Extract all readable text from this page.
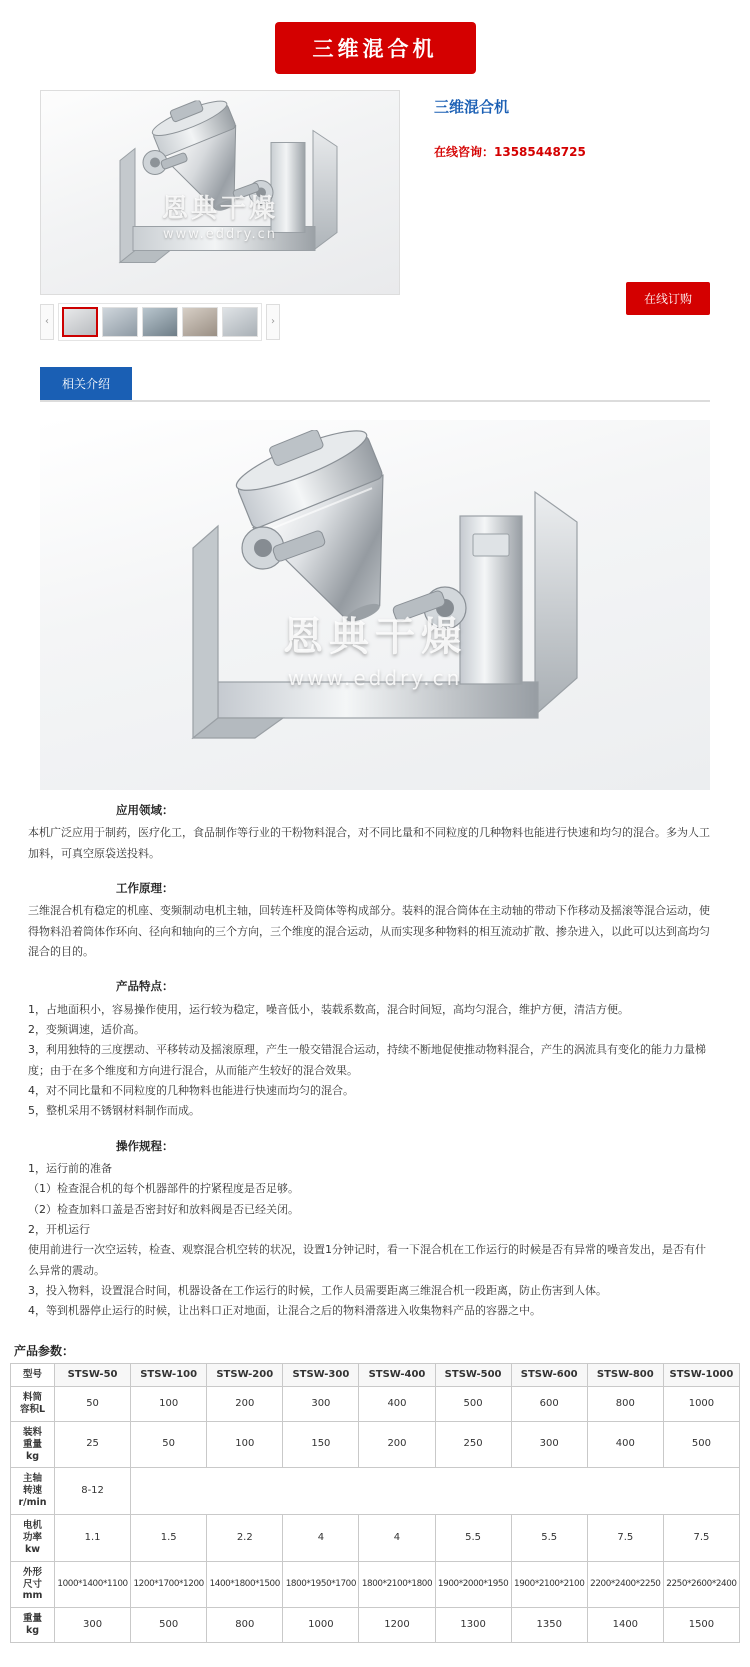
三维混合机
恩典干燥
www.eddry.cn
‹	›
三维混合机
在线咨询：13585448725
在线订购
相关介绍
恩典干燥
www.eddry.cn
应用领域：

本机广泛应用于制药，医疗化工，食品制作等行业的干粉物料混合，对不同比量和不同粒度的几种物料也能进行快速和均匀的混合。多为人工

加料，可真空原袋送投料。

工作原理：

三维混合机有稳定的机座、变频制动电机主轴，回转连杆及筒体等构成部分。装料的混合筒体在主动轴的带动下作移动及摇滚等混合运动，使

得物料沿着筒体作环向、径向和轴向的三个方向，三个维度的混合运动，从而实现多种物料的相互流动扩散、掺杂进入，以此可以达到高均匀

混合的目的。

产品特点：

1，占地面积小，容易操作使用，运行较为稳定，噪音低小，装载系数高，混合时间短，高均匀混合，维护方便，清洁方便。

2，变频调速，适价高。

3，利用独特的三度摆动、平移转动及摇滚原理，产生一般交错混合运动，持续不断地促使推动物料混合，产生的涡流具有变化的能力力量梯

度；由于在多个维度和方向进行混合，从而能产生较好的混合效果。

4，对不同比量和不同粒度的几种物料也能进行快速而均匀的混合。

5，整机采用不锈钢材料制作而成。

操作规程：

1，运行前的准备

（1）检查混合机的每个机器部件的拧紧程度是否足够。

（2）检查加料口盖是否密封好和放料阀是否已经关闭。

2，开机运行

使用前进行一次空运转，检查、观察混合机空转的状况，设置1分钟记时，看一下混合机在工作运行的时候是否有异常的噪音发出，是否有什

么异常的震动。

3，投入物料，设置混合时间，机器设备在工作运行的时候，工作人员需要距离三维混合机一段距离，防止伤害到人体。

4，等到机器停止运行的时候，让出料口正对地面，让混合之后的物料滑落进入收集物料产品的容器之中。

产品参数：
型号	STSW-50	STSW-100	STSW-200	STSW-300	STSW-400	STSW-500	STSW-600	STSW-800	STSW-1000
料筒
容积L	50	100	200	300	400	500	600	800	1000
装料
重量
kg	25	50	100	150	200	250	300	400	500
主轴
转速
r/min	8-12								
电机
功率
kw	1.1	1.5	2.2	4	4	5.5	5.5	7.5	7.5
外形
尺寸
mm	1000*1400*1100	1200*1700*1200	1400*1800*1500	1800*1950*1700	1800*2100*1800	1900*2000*1950	1900*2100*2100	2200*2400*2250	2250*2600*2400
重量
kg	300	500	800	1000	1200	1300	1350	1400	1500
